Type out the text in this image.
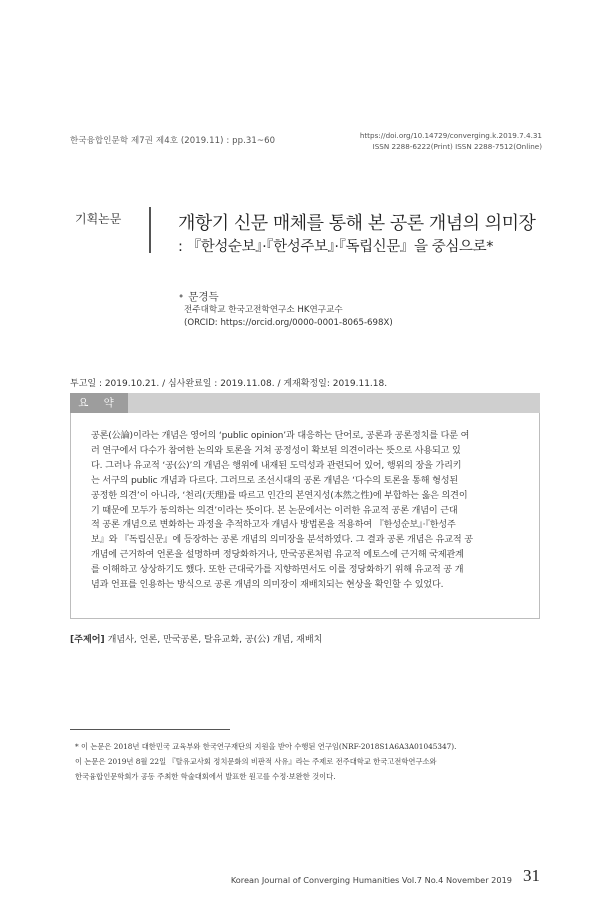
한국융합인문학 제7권 제4호 (2019.11) : pp.31~60
https://doi.org/10.14729/converging.k.2019.7.4.31
ISSN 2288-6222(Print) ISSN 2288-7512(Online)
기획논문	개항기 신문 매체를 통해 본 공론 개념의 의미장
: 『한성순보』·『한성주보』·『독립신문』을 중심으로*
• 문경득
전주대학교 한국고전학연구소 HK연구교수
(ORCID: https://orcid.org/0000-0001-8065-698X)
투고일 : 2019.10.21. / 심사완료일 : 2019.11.08. / 게재확정일: 2019.11.18.
요 약
공론(公論)이라는 개념은 영어의 ‘public opinion’과 대응하는 단어로, 공론과 공론정치를 다룬 여
러 연구에서 다수가 참여한 논의와 토론을 거쳐 공정성이 확보된 의견이라는 뜻으로 사용되고 있
다. 그러나 유교적 ‘공(公)’의 개념은 행위에 내재된 도덕성과 관련되어 있어, 행위의 장을 가리키
는 서구의 public 개념과 다르다. 그러므로 조선시대의 공론 개념은 ‘다수의 토론을 통해 형성된
공정한 의견’이 아니라, ‘천리(天理)를 따르고 인간의 본연지성(本然之性)에 부합하는 옳은 의견이
기 때문에 모두가 동의하는 의견’이라는 뜻이다. 본 논문에서는 이러한 유교적 공론 개념이 근대
적 공론 개념으로 변화하는 과정을 추적하고자 개념사 방법론을 적용하여 『한성순보』·『한성주
보』와 『독립신문』에 등장하는 공론 개념의 의미장을 분석하였다. 그 결과 공론 개념은 유교적 공
개념에 근거하여 언론을 설명하며 정당화하거나, 만국공론처럼 유교적 에토스에 근거해 국제관계
를 이해하고 상상하기도 했다. 또한 근대국가를 지향하면서도 이를 정당화하기 위해 유교적 공 개
념과 언표를 인용하는 방식으로 공론 개념의 의미장이 재배치되는 현상을 확인할 수 있었다.
[주제어] 개념사, 언론, 만국공론, 탈유교화, 공(公) 개념, 재배치
* 이 논문은 2018년 대한민국 교육부와 한국연구재단의 지원을 받아 수행된 연구임(NRF-2018S1A6A3A01045347).
이 논문은 2019년 8월 22일 『탈유교사회 정치문화의 비판적 사유』라는 주제로 전주대학교 한국고전학연구소와
한국융합인문학회가 공동 주최한 학술대회에서 발표한 원고를 수정·보완한 것이다.
Korean Journal of Converging Humanities Vol.7 No.4 November 2019 31
